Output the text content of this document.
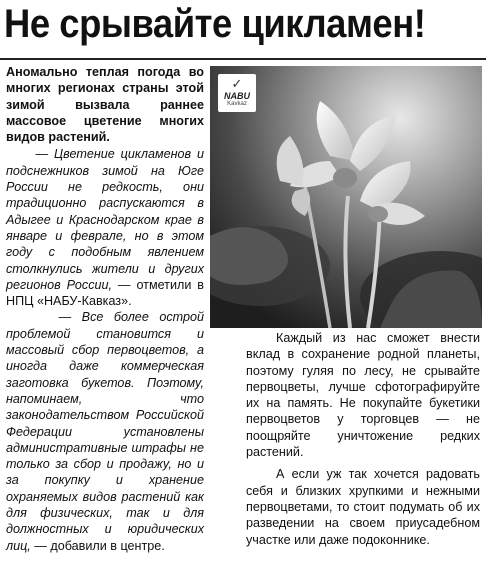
Не срывайте цикламен!

Аномально теплая погода во многих регионах страны этой зимой вызвала раннее массовое цветение многих видов растений.

— Цветение цикламенов и подснежников зимой на Юге России не редкость, они традиционно распускаются в Адыгее и Краснодарском крае в январе и феврале, но в этом году с подобным явлением столкнулись жители и других регионов России, — отметили в НПЦ «НАБУ-Кавказ».

— Все более острой проблемой становится и массовый сбор первоцветов, а иногда даже коммерческая заготовка букетов. Поэтому, напоминаем, что законодательством Российской Федерации установлены административные штрафы не только за сбор и продажу, но и за покупку и хранение охраняемых видов растений как для физических, так и для должностных и юридических лиц, — добавили в центре.

✓
NABU
Kavkaz

Каждый из нас сможет внести вклад в сохранение родной планеты, поэтому гуляя по лесу, не срывайте первоцветы, лучше сфотографируйте их на память. Не покупайте букетики первоцветов у торговцев — не поощряйте уничтожение редких растений.

А если уж так хочется радовать себя и близких хрупкими и нежными первоцветами, то стоит подумать об их разведении на своем приусадебном участке или даже подоконнике.
